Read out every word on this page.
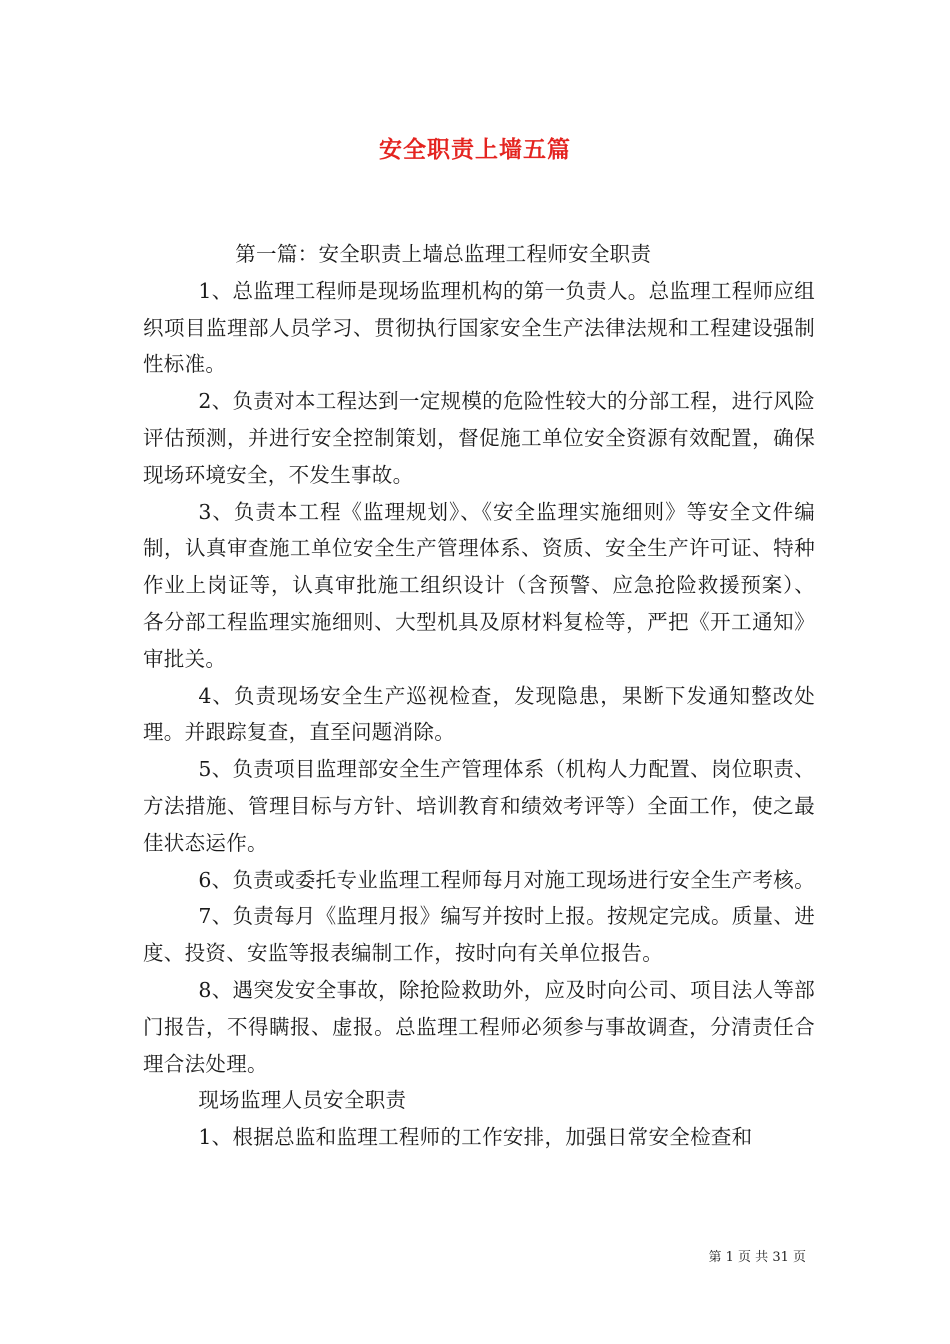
安全职责上墙五篇

第一篇：安全职责上墙总监理工程师安全职责

1、总监理工程师是现场监理机构的第一负责人。总监理工程师应组织项目监理部人员学习、贯彻执行国家安全生产法律法规和工程建设强制性标准。

2、负责对本工程达到一定规模的危险性较大的分部工程，进行风险评估预测，并进行安全控制策划，督促施工单位安全资源有效配置，确保现场环境安全，不发生事故。

3、负责本工程《监理规划》、《安全监理实施细则》等安全文件编制，认真审查施工单位安全生产管理体系、资质、安全生产许可证、特种作业上岗证等，认真审批施工组织设计（含预警、应急抢险救援预案）、各分部工程监理实施细则、大型机具及原材料复检等，严把《开工通知》审批关。

4、负责现场安全生产巡视检查，发现隐患，果断下发通知整改处理。并跟踪复查，直至问题消除。

5、负责项目监理部安全生产管理体系（机构人力配置、岗位职责、方法措施、管理目标与方针、培训教育和绩效考评等）全面工作，使之最佳状态运作。

6、负责或委托专业监理工程师每月对施工现场进行安全生产考核。

7、负责每月《监理月报》编写并按时上报。按规定完成。质量、进度、投资、安监等报表编制工作，按时向有关单位报告。

8、遇突发安全事故，除抢险救助外，应及时向公司、项目法人等部门报告，不得瞒报、虚报。总监理工程师必须参与事故调查，分清责任合理合法处理。

现场监理人员安全职责

1、根据总监和监理工程师的工作安排，加强日常安全检查和

第 1 页 共 31 页
